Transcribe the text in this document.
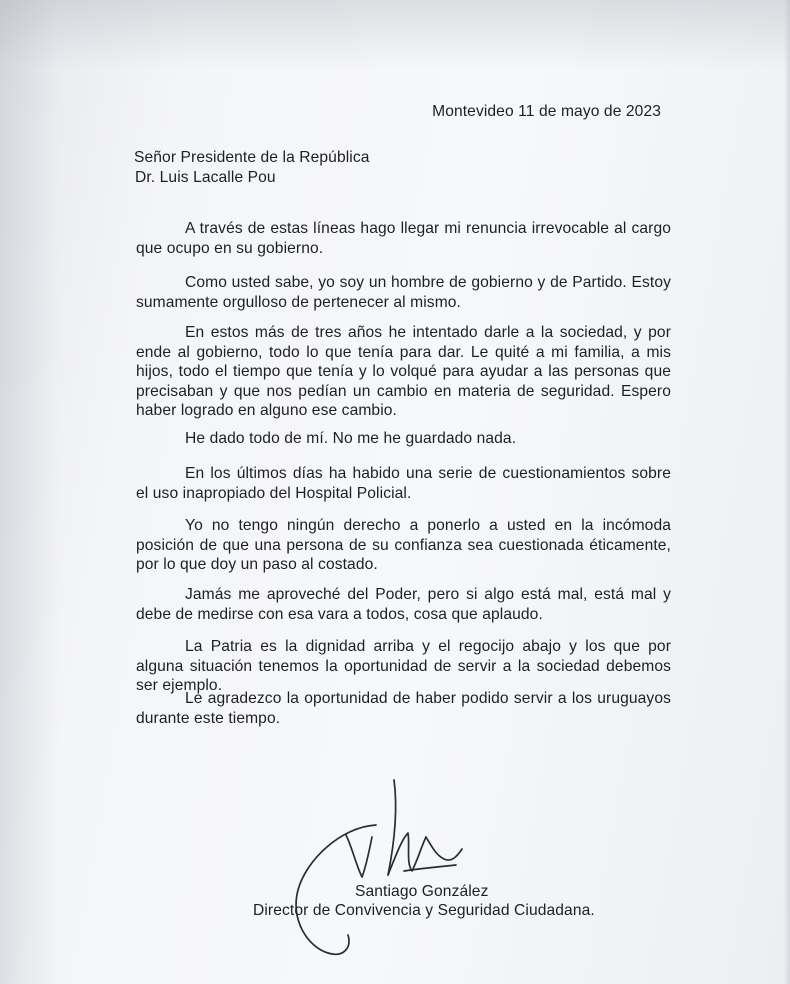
Montevideo 11 de mayo de 2023
Señor Presidente de la República
Dr. Luis Lacalle Pou

A través de estas líneas hago llegar mi renuncia irrevocable al cargo que ocupo en su gobierno.

Como usted sabe, yo soy un hombre de gobierno y de Partido. Estoy sumamente orgulloso de pertenecer al mismo.

En estos más de tres años he intentado darle a la sociedad, y por ende al gobierno, todo lo que tenía para dar. Le quité a mi familia, a mis hijos, todo el tiempo que tenía y lo volqué para ayudar a las personas que precisaban y que nos pedían un cambio en materia de seguridad. Espero haber logrado en alguno ese cambio.

He dado todo de mí. No me he guardado nada.

En los últimos días ha habido una serie de cuestionamientos sobre el uso inapropiado del Hospital Policial.

Yo no tengo ningún derecho a ponerlo a usted en la incómoda posición de que una persona de su confianza sea cuestionada éticamente, por lo que doy un paso al costado.

Jamás me aproveché del Poder, pero si algo está mal, está mal y debe de medirse con esa vara a todos, cosa que aplaudo.

La Patria es la dignidad arriba y el regocijo abajo y los que por alguna situación tenemos la oportunidad de servir a la sociedad debemos ser ejemplo.

Le agradezco la oportunidad de haber podido servir a los uruguayos durante este tiempo.

Santiago González
Director de Convivencia y Seguridad Ciudadana.
